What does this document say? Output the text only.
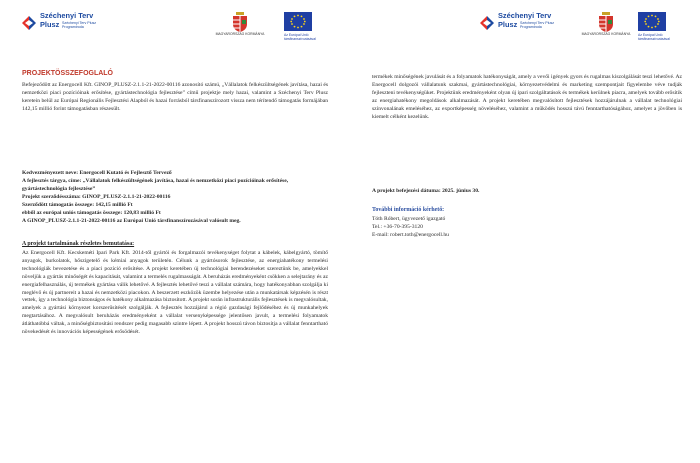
Széchenyi Terv
Plusz Széchenyi Terv Plusz Programiroda
MAGYARORSZÁG KORMÁNYA	Az Európai Unió
társfinanszírozásával
PROJEKTÖSSZEFOGLALÓ
Befejeződött az Energocell Kft. GINOP_PLUSZ-2.1.1-21-2022-00116 azonosító számú, „Vállalatok felkészültségének javítása, hazai és nemzetközi piaci pozícióinak erősítése, gyártástechnológia fejlesztése” című projektje mely hazai, valamint a Széchenyi Terv Plusz keretein belül az Európai Regionális Fejlesztési Alapból és hazai forrásból társfinanszírozott vissza nem térítendő támogatás formájában 142,15 millió forint támogatásban részesült.
Kedvezményezett neve: Energocell Kutató és Fejlesztő Tervező
A fejlesztés tárgya, címe: „Vállalatok felkészültségének javítása, hazai és nemzetközi piaci pozícióinak erősítése, gyártástechnológia fejlesztése”
Projekt szerződésszáma: GINOP_PLUSZ-2.1.1-21-2022-00116
Szerződött támogatás összege: 142,15 millió Ft
ebből az európai uniós támogatás összege: 120,83 millió Ft
A GINOP_PLUSZ-2.1.1-21-2022-00116 az Európai Unió társfinanszírozásával valósult meg.
A projekt tartalmának részletes bemutatása:
Az Energocell Kft. Kecskeméti Ipari Park Kft. 2014-től gyártói és forgalmazói tevékenységet folytat a kábelek, kábelgyártó, tömítő anyagok, burkolatok, hőszigetelő és kémiai anyagok területén. Célunk a gyártósorok fejlesztése, az energiahatékony termelési technológiák bevezetése és a piaci pozíció erősítése. A projekt keretében új technológiai berendezéseket szereztünk be, amelyekkel növeljük a gyártás minőségét és kapacitását, valamint a termelés rugalmasságát. A beruházás eredményeként csökken a selejtarány és az energiafelhasználás, új termékek gyártása válik lehetővé. A fejlesztés lehetővé teszi a vállalat számára, hogy hatékonyabban szolgálja ki meglévő és új partnereit a hazai és nemzetközi piacokon. A beszerzett eszközök üzembe helyezése után a munkatársak képzésén is részt vettek, így a technológia biztonságos és hatékony alkalmazása biztosított. A projekt során infrastrukturális fejlesztések is megvalósultak, amelyek a gyártási környezet korszerűsítését szolgálják. A fejlesztés hozzájárul a régió gazdasági fejlődéséhez és új munkahelyek megtartásához. A megvalósult beruházás eredményeként a vállalat versenyképessége jelentősen javult, a termelési folyamatok átláthatóbbá váltak, a minőségbiztosítási rendszer pedig magasabb szintre lépett. A projekt hosszú távon biztosítja a vállalat fenntartható növekedését és innovációs képességének erősödését.
Széchenyi Terv
Plusz Széchenyi Terv Plusz Programiroda
MAGYARORSZÁG KORMÁNYA	Az Európai Unió
társfinanszírozásával
termékek minőségének javulását és a folyamatok hatékonyságát, amely a vevői igények gyors és rugalmas kiszolgálását teszi lehetővé. Az Energocell dolgozói vállalatunk szakmai, gyártástechnológiai, környezetvédelmi és marketing szempontjait figyelembe véve tudják fejleszteni tevékenységüket. Projektünk eredményeként olyan új ipari szolgáltatások és termékek kerülnek piacra, amelyek tovább erősítik az energiahatékony megoldások alkalmazását. A projekt keretében megvalósított fejlesztések hozzájárulnak a vállalat technológiai színvonalának emeléséhez, az exportképesség növeléséhez, valamint a működés hosszú távú fenntarthatóságához, amelyet a jövőben is kiemelt célként kezelünk.
A projekt befejezési dátuma: 2025. június 30.
További információ kérhető:
Tóth Róbert, ügyvezető igazgató
Tel.: +36-70-395-3120
E-mail: robert.toth@energocell.hu
